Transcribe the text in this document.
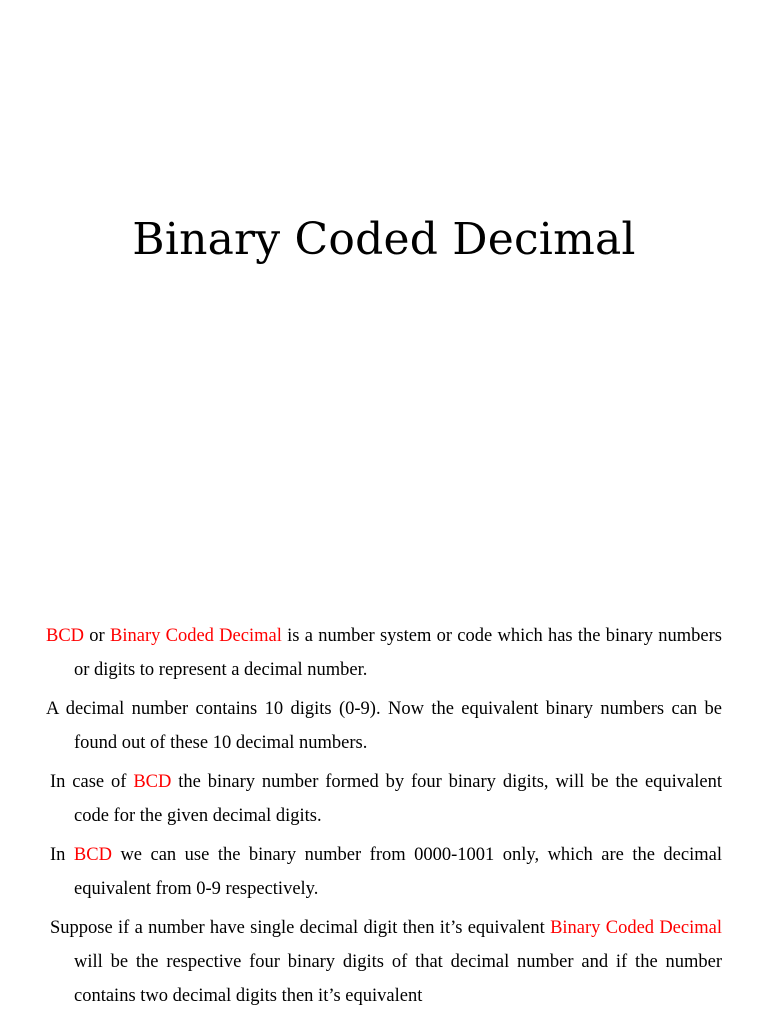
Binary Coded Decimal

BCD or Binary Coded Decimal is a number system or code which has the binary numbers or digits to represent a decimal number.

A decimal number contains 10 digits (0-9). Now the equivalent binary numbers can be found out of these 10 decimal numbers.

In case of BCD the binary number formed by four binary digits, will be the equivalent code for the given decimal digits.

In BCD we can use the binary number from 0000-1001 only, which are the decimal equivalent from 0-9 respectively.

Suppose if a number have single decimal digit then it’s equivalent Binary Coded Decimal will be the respective four binary digits of that decimal number and if the number contains two decimal digits then it’s equivalent
